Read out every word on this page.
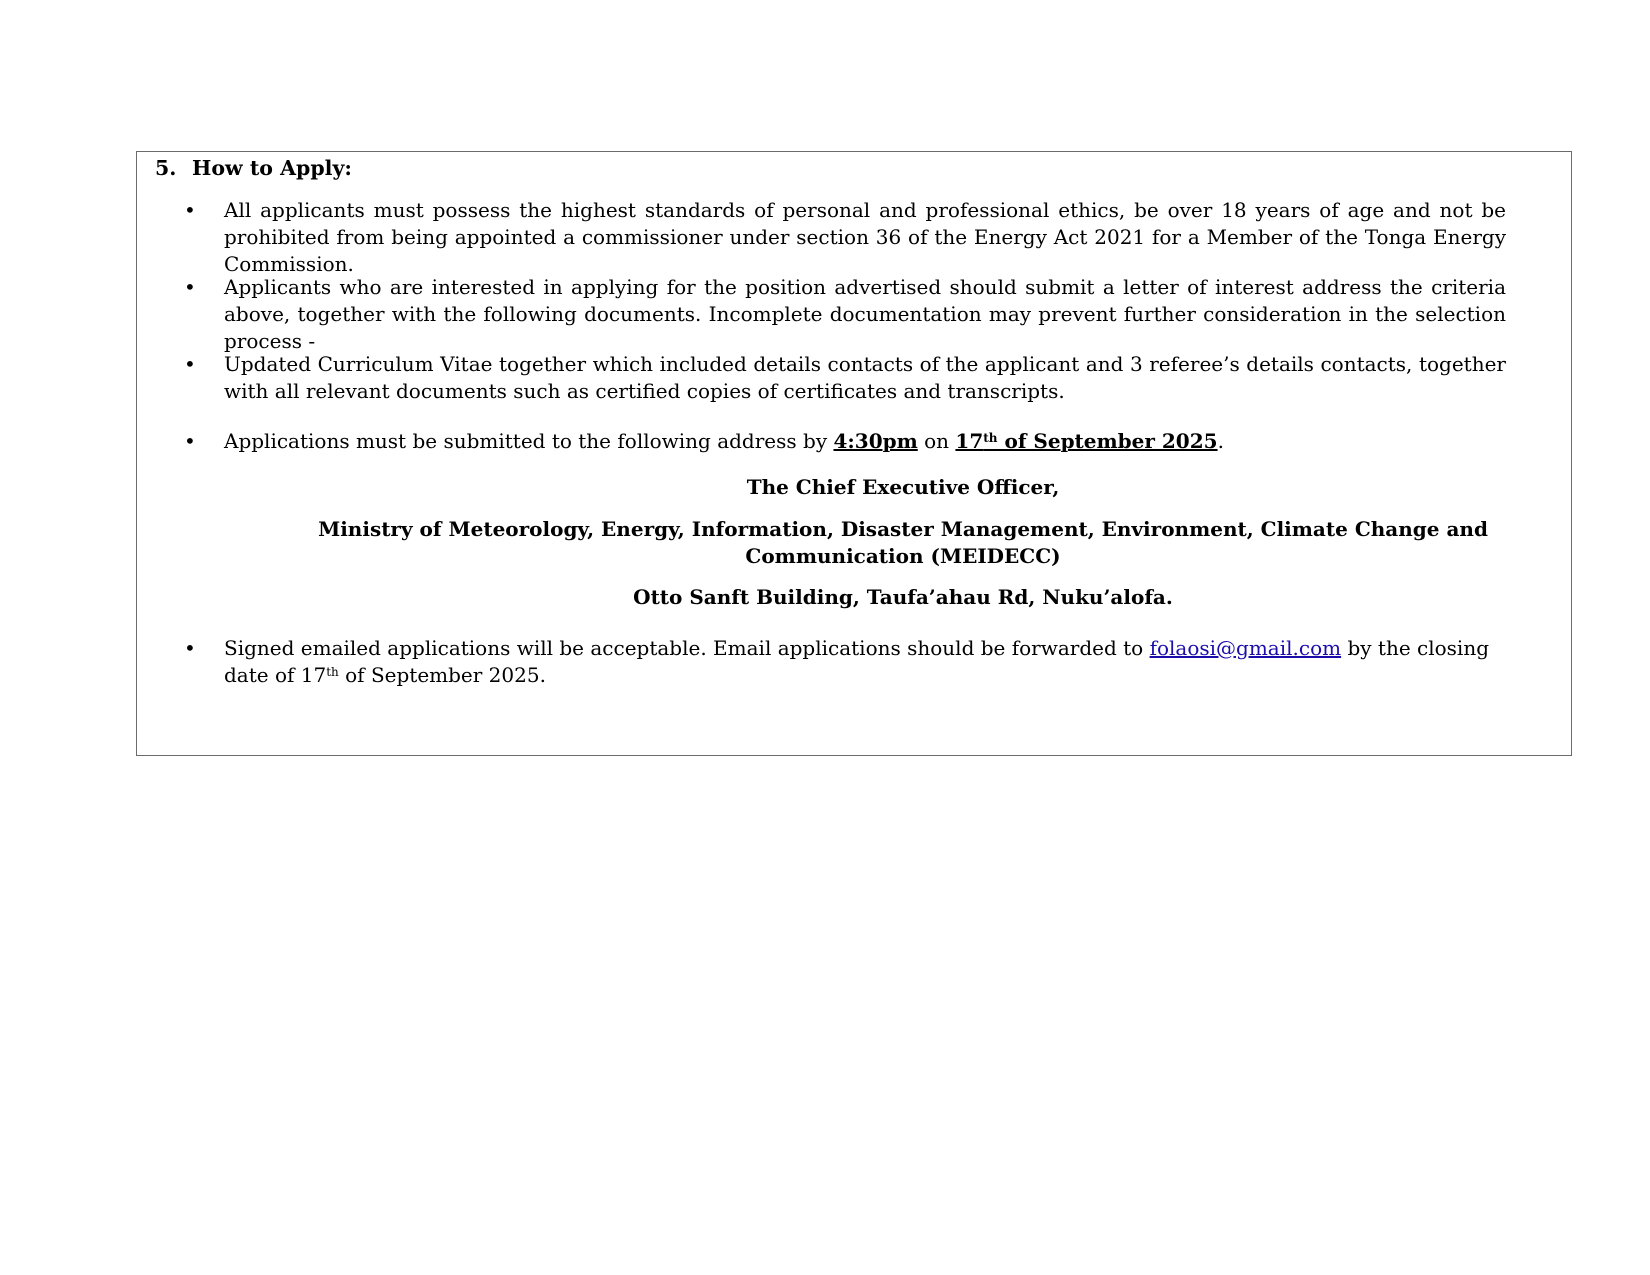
5. How to Apply:
• All applicants must possess the highest standards of personal and professional ethics, be over 18 years of age and not be prohibited from being appointed a commissioner under section 36 of the Energy Act 2021 for a Member of the Tonga Energy Commission.
• Applicants who are interested in applying for the position advertised should submit a letter of interest address the criteria above, together with the following documents. Incomplete documentation may prevent further consideration in the selection process -
• Updated Curriculum Vitae together which included details contacts of the applicant and 3 referee’s details contacts, together with all relevant documents such as certified copies of certificates and transcripts.
• Applications must be submitted to the following address by 4:30pm on 17th of September 2025.
The Chief Executive Officer,
Ministry of Meteorology, Energy, Information, Disaster Management, Environment, Climate Change and Communication (MEIDECC)
Otto Sanft Building, Taufa’ahau Rd, Nuku’alofa.
• Signed emailed applications will be acceptable. Email applications should be forwarded to folaosi@gmail.com by the closing date of 17th of September 2025.
